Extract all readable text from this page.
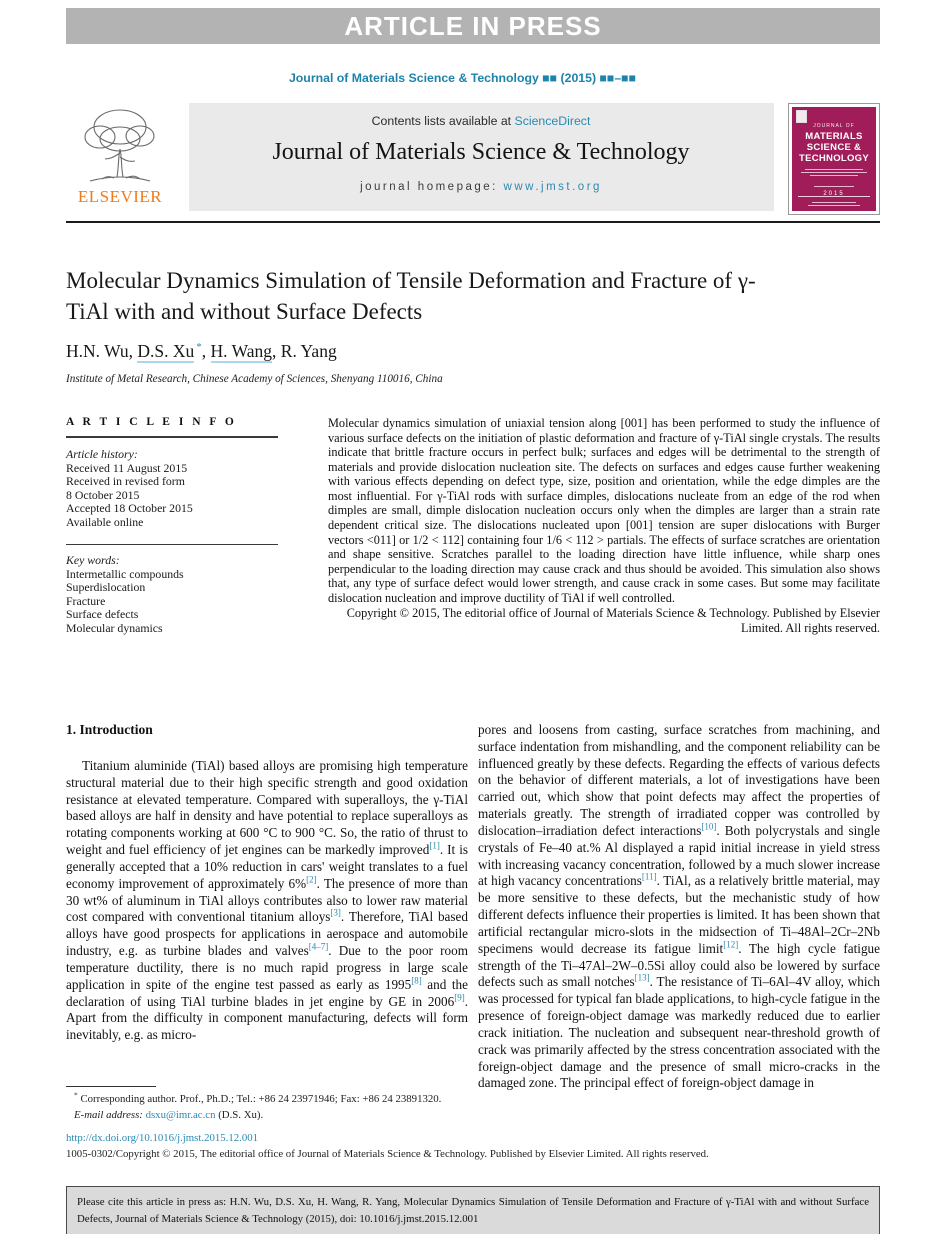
ARTICLE IN PRESS
Journal of Materials Science & Technology ■■ (2015) ■■–■■
ELSEVIER
Contents lists available at ScienceDirect
Journal of Materials Science & Technology
journal homepage: www.jmst.org
JOURNAL OF
MATERIALS
SCIENCE &
TECHNOLOGY
2015
Molecular Dynamics Simulation of Tensile Deformation and Fracture of γ-TiAl with and without Surface Defects
H.N. Wu, D.S. Xu *, H. Wang, R. Yang
Institute of Metal Research, Chinese Academy of Sciences, Shenyang 110016, China
A R T I C L E I N F O
Article history:
Received 11 August 2015
Received in revised form
8 October 2015
Accepted 18 October 2015
Available online
Key words:
Intermetallic compounds
Superdislocation
Fracture
Surface defects
Molecular dynamics

Molecular dynamics simulation of uniaxial tension along [001] has been performed to study the influence of various surface defects on the initiation of plastic deformation and fracture of γ-TiAl single crystals. The results indicate that brittle fracture occurs in perfect bulk; surfaces and edges will be detrimental to the strength of materials and provide dislocation nucleation site. The defects on surfaces and edges cause further weakening with various effects depending on defect type, size, position and orientation, while the edge dimples are the most influential. For γ-TiAl rods with surface dimples, dislocations nucleate from an edge of the rod when dimples are small, dimple dislocation nucleation occurs only when the dimples are larger than a strain rate dependent critical size. The dislocations nucleated upon [001] tension are super dislocations with Burger vectors <011] or 1/2 < 112] containing four 1/6 < 112 > partials. The effects of surface scratches are orientation and shape sensitive. Scratches parallel to the loading direction have little influence, while sharp ones perpendicular to the loading direction may cause crack and thus should be avoided. This simulation also shows that, any type of surface defect would lower strength, and cause crack in some cases. But some may facilitate dislocation nucleation and improve ductility of TiAl if well controlled.

Copyright © 2015, The editorial office of Journal of Materials Science & Technology. Published by Elsevier Limited. All rights reserved.
1. Introduction

Titanium aluminide (TiAl) based alloys are promising high temperature structural material due to their high specific strength and good oxidation resistance at elevated temperature. Compared with superalloys, the γ-TiAl based alloys are half in density and have potential to replace superalloys as rotating components working at 600 °C to 900 °C. So, the ratio of thrust to weight and fuel efficiency of jet engines can be markedly improved[1]. It is generally accepted that a 10% reduction in cars' weight translates to a fuel economy improvement of approximately 6%[2]. The presence of more than 30 wt% of aluminum in TiAl alloys contributes also to lower raw material cost compared with conventional titanium alloys[3]. Therefore, TiAl based alloys have good prospects for applications in aerospace and automobile industry, e.g. as turbine blades and valves[4–7]. Due to the poor room temperature ductility, there is no much rapid progress in large scale application in spite of the engine test passed as early as 1995[8] and the declaration of using TiAl turbine blades in jet engine by GE in 2006[9]. Apart from the difficulty in component manufacturing, defects will form inevitably, e.g. as micro-

pores and loosens from casting, surface scratches from machining, and surface indentation from mishandling, and the component reliability can be influenced greatly by these defects. Regarding the effects of various defects on the behavior of different materials, a lot of investigations have been carried out, which show that point defects may affect the properties of materials greatly. The strength of irradiated copper was controlled by dislocation–irradiation defect interactions[10]. Both polycrystals and single crystals of Fe–40 at.% Al displayed a rapid initial increase in yield stress with increasing vacancy concentration, followed by a much slower increase at high vacancy concentrations[11]. TiAl, as a relatively brittle material, may be more sensitive to these defects, but the mechanistic study of how different defects influence their properties is limited. It has been shown that artificial rectangular micro-slots in the midsection of Ti–48Al–2Cr–2Nb specimens would decrease its fatigue limit[12]. The high cycle fatigue strength of the Ti–47Al–2W–0.5Si alloy could also be lowered by surface defects such as small notches[13]. The resistance of Ti–6Al–4V alloy, which was processed for typical fan blade applications, to high-cycle fatigue in the presence of foreign-object damage was markedly reduced due to earlier crack initiation. The nucleation and subsequent near-threshold growth of crack was primarily affected by the stress concentration associated with the foreign-object damage and the presence of small micro-cracks in the damaged zone. The principal effect of foreign-object damage in

* Corresponding author. Prof., Ph.D.; Tel.: +86 24 23971946; Fax: +86 24 23891320.
E-mail address: dsxu@imr.ac.cn (D.S. Xu).
http://dx.doi.org/10.1016/j.jmst.2015.12.001
1005-0302/Copyright © 2015, The editorial office of Journal of Materials Science & Technology. Published by Elsevier Limited. All rights reserved.
Please cite this article in press as: H.N. Wu, D.S. Xu, H. Wang, R. Yang, Molecular Dynamics Simulation of Tensile Deformation and Fracture of γ-TiAl with and without Surface Defects, Journal of Materials Science & Technology (2015), doi: 10.1016/j.jmst.2015.12.001
